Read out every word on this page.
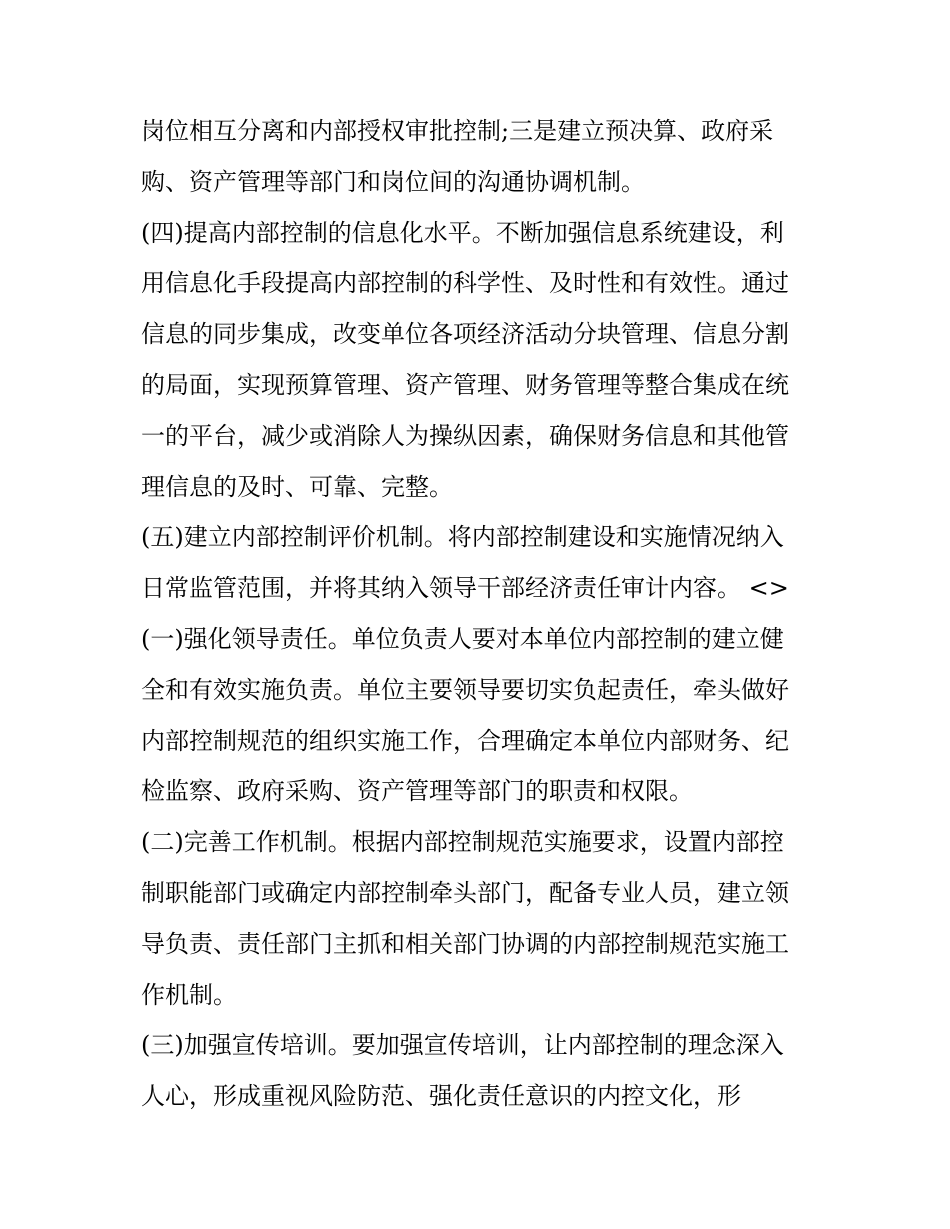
岗位相互分离和内部授权审批控制;三是建立预决算、政府采
购、资产管理等部门和岗位间的沟通协调机制。
(四)提高内部控制的信息化水平。不断加强信息系统建设，利
用信息化手段提高内部控制的科学性、及时性和有效性。通过
信息的同步集成，改变单位各项经济活动分块管理、信息分割
的局面，实现预算管理、资产管理、财务管理等整合集成在统
一的平台，减少或消除人为操纵因素，确保财务信息和其他管
理信息的及时、可靠、完整。
(五)建立内部控制评价机制。将内部控制建设和实施情况纳入
日常监管范围，并将其纳入领导干部经济责任审计内容。 <>
(一)强化领导责任。单位负责人要对本单位内部控制的建立健
全和有效实施负责。单位主要领导要切实负起责任，牵头做好
内部控制规范的组织实施工作，合理确定本单位内部财务、纪
检监察、政府采购、资产管理等部门的职责和权限。
(二)完善工作机制。根据内部控制规范实施要求，设置内部控
制职能部门或确定内部控制牵头部门，配备专业人员，建立领
导负责、责任部门主抓和相关部门协调的内部控制规范实施工
作机制。
(三)加强宣传培训。要加强宣传培训，让内部控制的理念深入
人心，形成重视风险防范、强化责任意识的内控文化，形
